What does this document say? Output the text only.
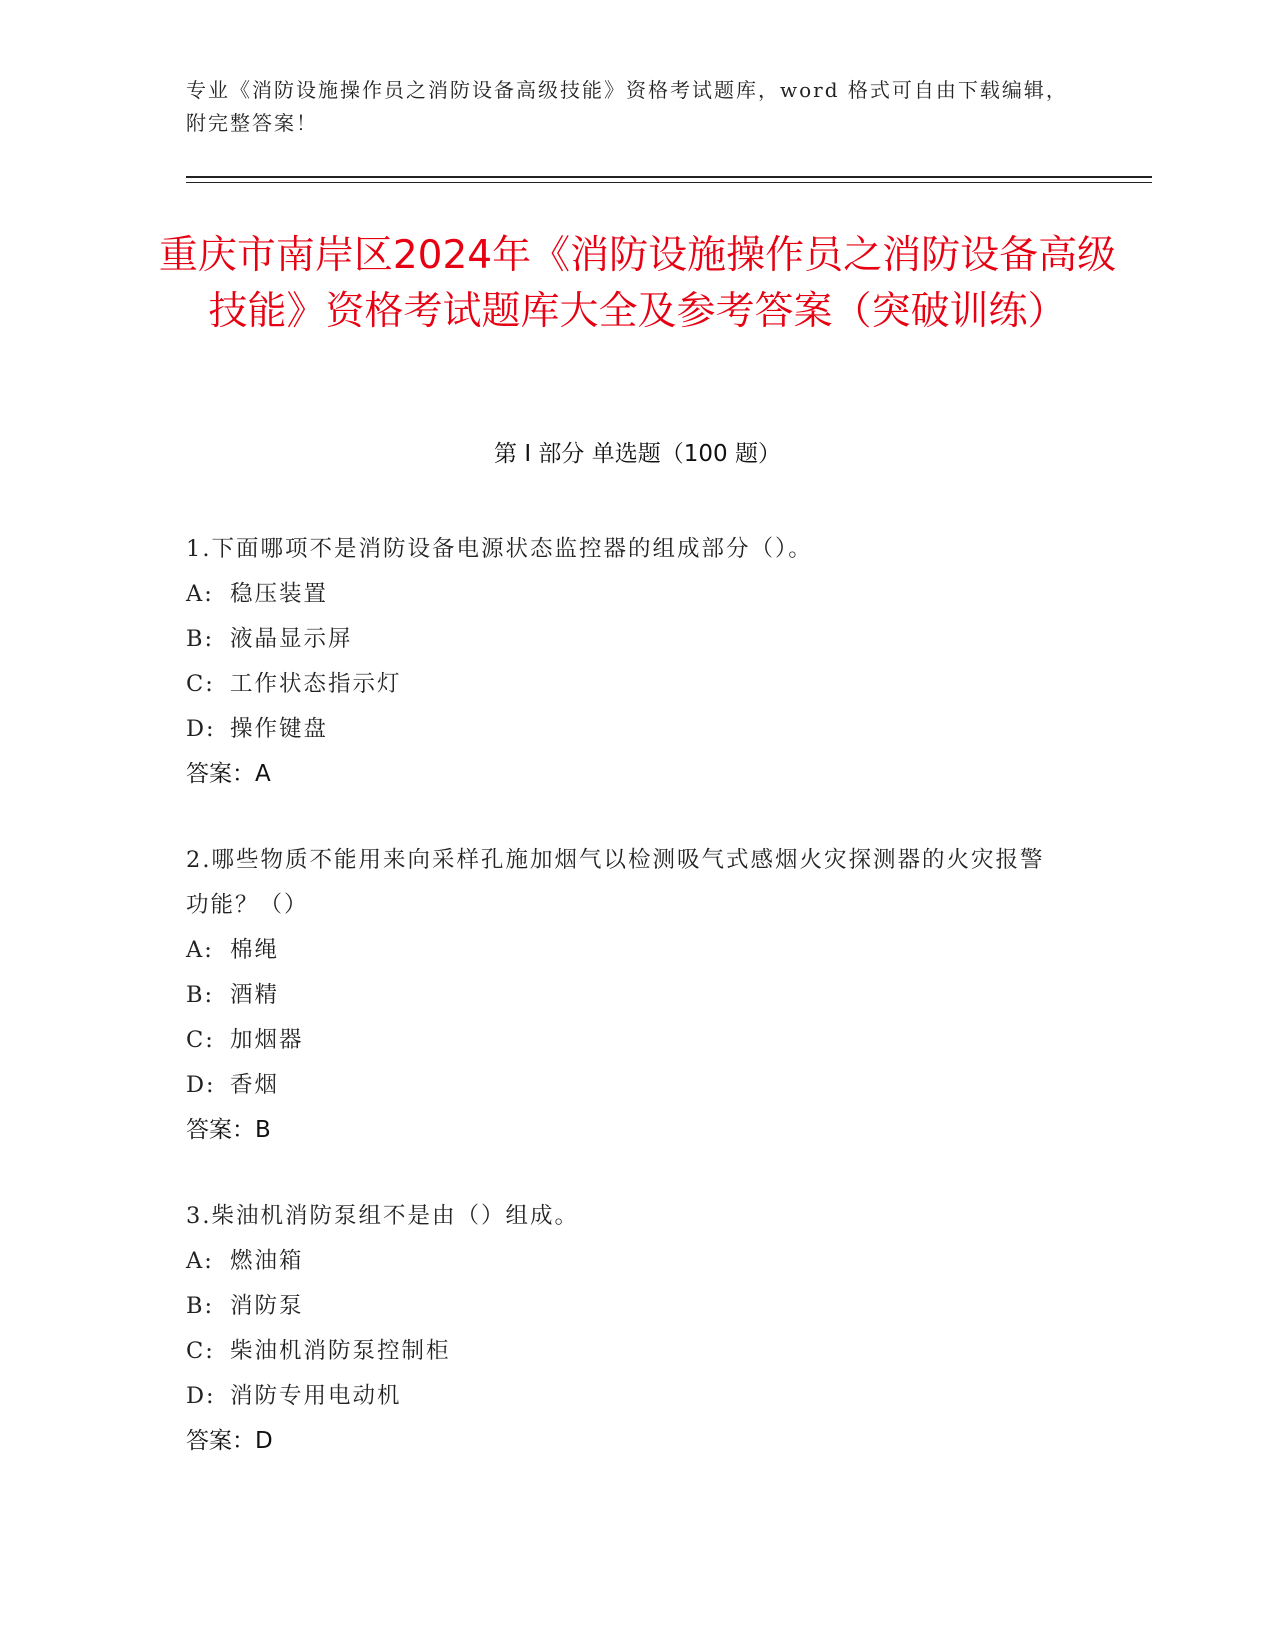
专业《消防设施操作员之消防设备高级技能》资格考试题库，word 格式可自由下载编辑，附完整答案！
重庆市南岸区2024年《消防设施操作员之消防设备高级技能》资格考试题库大全及参考答案（突破训练）
第 I 部分 单选题（100 题）
1.下面哪项不是消防设备电源状态监控器的组成部分（）。
A: 稳压装置
B: 液晶显示屏
C: 工作状态指示灯
D: 操作键盘
答案：A
2.哪些物质不能用来向采样孔施加烟气以检测吸气式感烟火灾探测器的火灾报警功能？（）
A: 棉绳
B: 酒精
C: 加烟器
D: 香烟
答案：B
3.柴油机消防泵组不是由（）组成。
A: 燃油箱
B: 消防泵
C: 柴油机消防泵控制柜
D: 消防专用电动机
答案：D
